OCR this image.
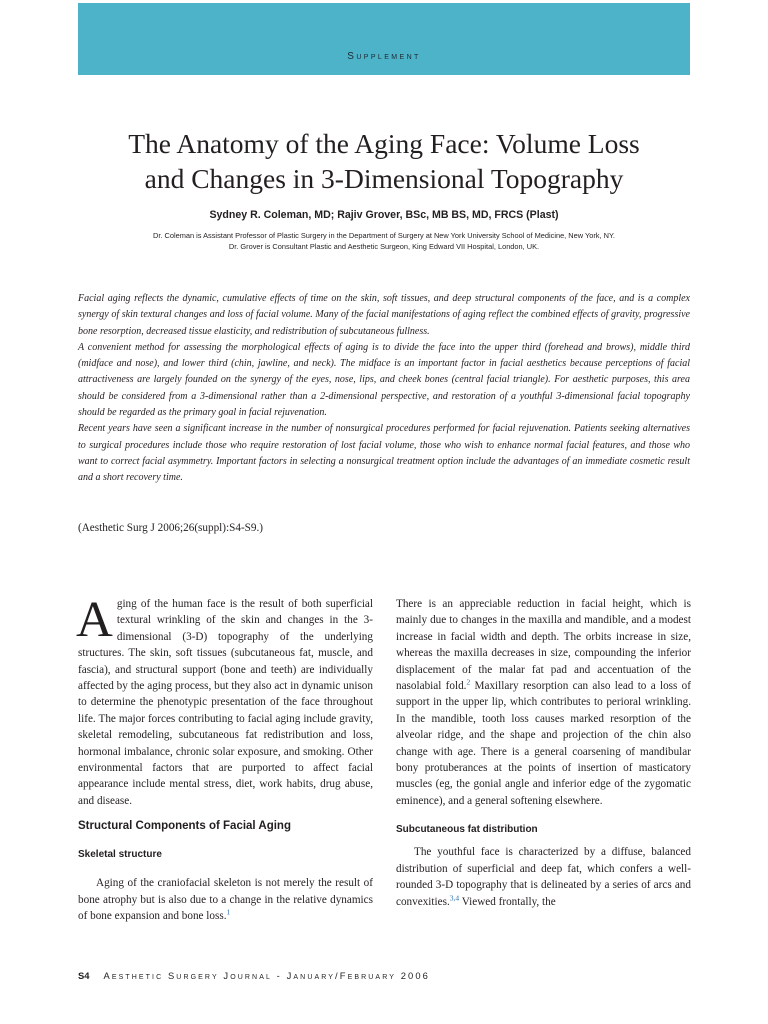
Supplement
The Anatomy of the Aging Face: Volume Loss
and Changes in 3-Dimensional Topography
Sydney R. Coleman, MD; Rajiv Grover, BSc, MB BS, MD, FRCS (Plast)
Dr. Coleman is Assistant Professor of Plastic Surgery in the Department of Surgery at New York University School of Medicine, New York, NY.
Dr. Grover is Consultant Plastic and Aesthetic Surgeon, King Edward VII Hospital, London, UK.

Facial aging reflects the dynamic, cumulative effects of time on the skin, soft tissues, and deep structural components of the face, and is a complex synergy of skin textural changes and loss of facial volume. Many of the facial manifestations of aging reflect the combined effects of gravity, progressive bone resorption, decreased tissue elasticity, and redistribution of subcutaneous fullness.

A convenient method for assessing the morphological effects of aging is to divide the face into the upper third (forehead and brows), middle third (midface and nose), and lower third (chin, jawline, and neck). The midface is an important factor in facial aesthetics because perceptions of facial attractiveness are largely founded on the synergy of the eyes, nose, lips, and cheek bones (central facial triangle). For aesthetic purposes, this area should be considered from a 3-dimensional rather than a 2-dimensional perspective, and restoration of a youthful 3-dimensional facial topography should be regarded as the primary goal in facial rejuvenation.

Recent years have seen a significant increase in the number of nonsurgical procedures performed for facial rejuvenation. Patients seeking alternatives to surgical procedures include those who require restoration of lost facial volume, those who wish to enhance normal facial features, and those who want to correct facial asymmetry. Important factors in selecting a nonsurgical treatment option include the advantages of an immediate cosmetic result and a short recovery time.

(Aesthetic Surg J 2006;26(suppl):S4-S9.)

Aging of the human face is the result of both superficial textural wrinkling of the skin and changes in the 3-dimensional (3-D) topography of the underlying structures. The skin, soft tissues (subcutaneous fat, muscle, and fascia), and structural support (bone and teeth) are individually affected by the aging process, but they also act in dynamic unison to determine the phenotypic presentation of the face throughout life. The major forces contributing to facial aging include gravity, skeletal remodeling, subcutaneous fat redistribution and loss, hormonal imbalance, chronic solar exposure, and smoking. Other environmental factors that are purported to affect facial appearance include mental stress, diet, work habits, drug abuse, and disease.

Structural Components of Facial Aging
Skeletal structure

Aging of the craniofacial skeleton is not merely the result of bone atrophy but is also due to a change in the relative dynamics of bone expansion and bone loss.$^1$

There is an appreciable reduction in facial height, which is mainly due to changes in the maxilla and mandible, and a modest increase in facial width and depth. The orbits increase in size, whereas the maxilla decreases in size, compounding the inferior displacement of the malar fat pad and accentuation of the nasolabial fold.$^2$ Maxillary resorption can also lead to a loss of support in the upper lip, which contributes to perioral wrinkling. In the mandible, tooth loss causes marked resorption of the alveolar ridge, and the shape and projection of the chin also change with age. There is a general coarsening of mandibular bony protuberances at the points of insertion of masticatory muscles (eg, the gonial angle and inferior edge of the zygomatic eminence), and a general softening elsewhere.

Subcutaneous fat distribution

The youthful face is characterized by a diffuse, balanced distribution of superficial and deep fat, which confers a well-rounded 3-D topography that is delineated by a series of arcs and convexities.$^{3,4}$ Viewed frontally, the

S4 Aesthetic Surgery Journal - January/February 2006
